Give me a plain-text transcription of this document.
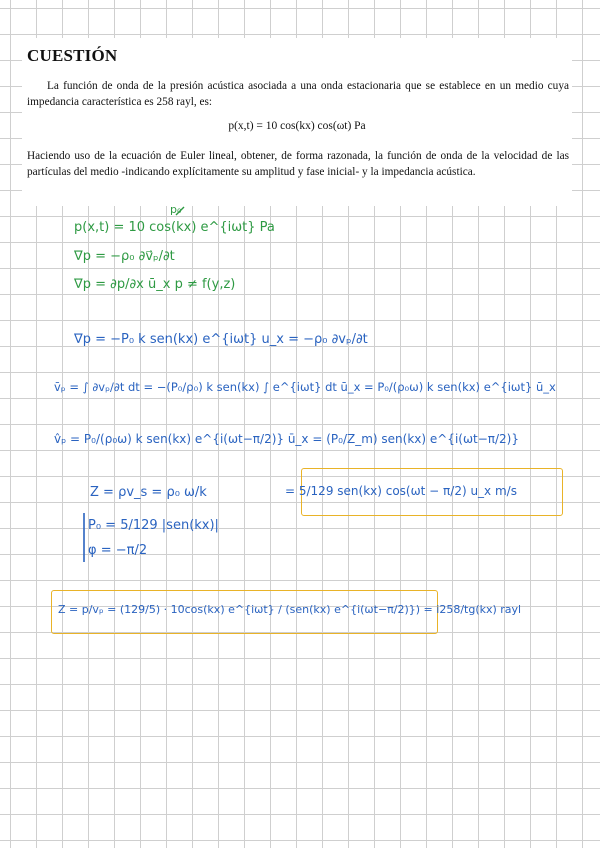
CUESTIÓN

La función de onda de la presión acústica asociada a una onda estacionaria que se establece en un medio cuya impedancia característica es 258 rayl, es:

p(x,t) = 10 cos(kx) cos(ωt) Pa

Haciendo uso de la ecuación de Euler lineal, obtener, de forma razonada, la función de onda de la velocidad de las partículas del medio -indicando explícitamente su amplitud y fase inicial- y la impedancia acústica.

p₀
p(x,t) = 10 cos(kx) e^{iωt} Pa
∇p = −ρ₀ ∂v⃗ₚ/∂t
∇p = ∂p/∂x ū_x p ≠ f(y,z)
∇p = −P₀ k sen(kx) e^{iωt} u_x = −ρ₀ ∂vₚ/∂t
v̄ₚ = ∫ ∂vₚ/∂t dt = −(P₀/ρ₀) k sen(kx) ∫ e^{iωt} dt ū_x = P₀/(ρ₀ω) k sen(kx) e^{iωt} ū_x
v̂ₚ = P₀/(ρ₀ω) k sen(kx) e^{i(ωt−π/2)} ū_x = (P₀/Z_m) sen(kx) e^{i(ωt−π/2)}
Z = ρv_s = ρ₀ ω/k	= 5/129 sen(kx) cos(ωt − π/2) u_x m/s
P₀ = 5/129 |sen(kx)|
φ = −π/2
Z = p/vₚ = (129/5) · 10cos(kx) e^{iωt} / (sen(kx) e^{i(ωt−π/2)}) = i258/tg(kx) rayl
